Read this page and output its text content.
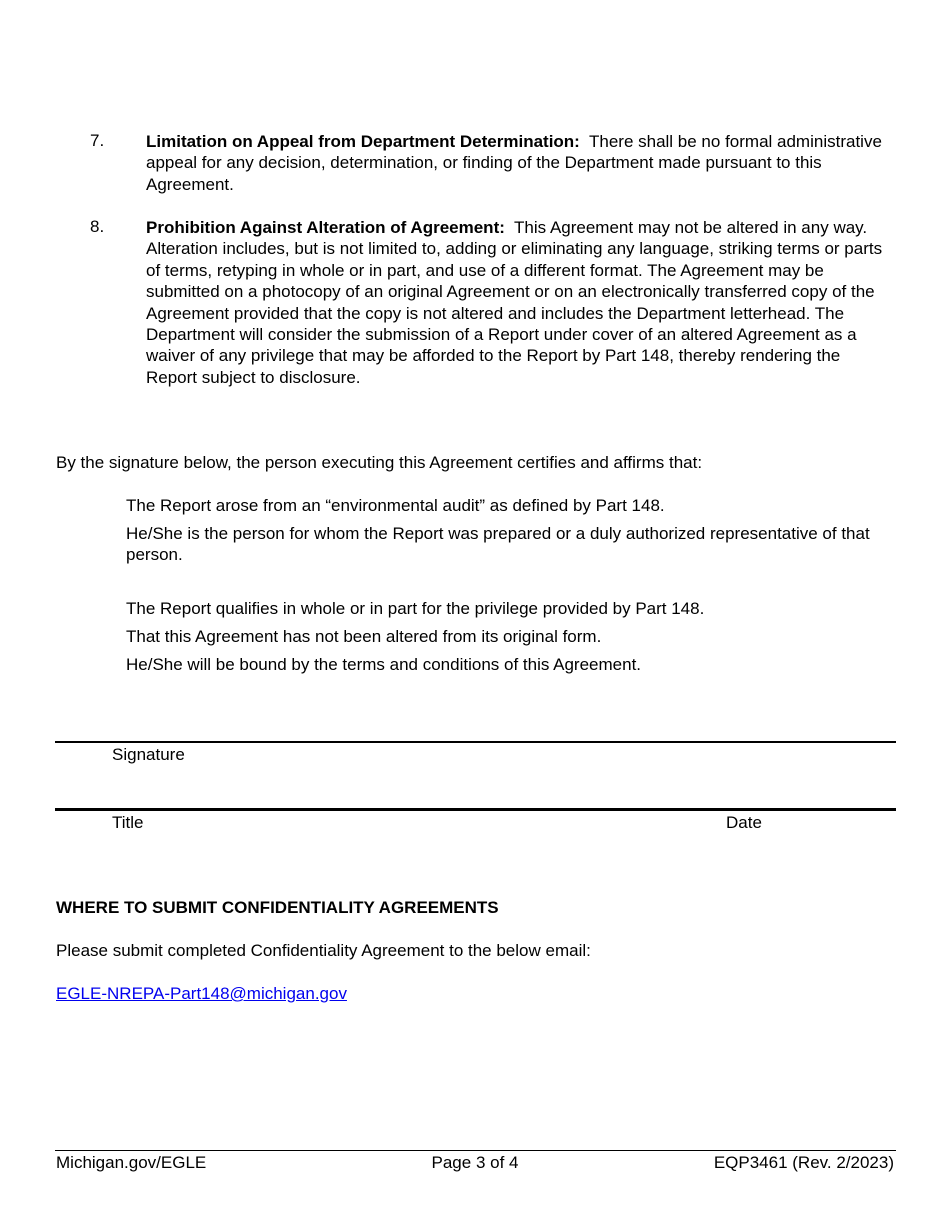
7. Limitation on Appeal from Department Determination: There shall be no formal administrative appeal for any decision, determination, or finding of the Department made pursuant to this Agreement.
8. Prohibition Against Alteration of Agreement: This Agreement may not be altered in any way. Alteration includes, but is not limited to, adding or eliminating any language, striking terms or parts of terms, retyping in whole or in part, and use of a different format. The Agreement may be submitted on a photocopy of an original Agreement or on an electronically transferred copy of the Agreement provided that the copy is not altered and includes the Department letterhead. The Department will consider the submission of a Report under cover of an altered Agreement as a waiver of any privilege that may be afforded to the Report by Part 148, thereby rendering the Report subject to disclosure.
By the signature below, the person executing this Agreement certifies and affirms that:
The Report arose from an “environmental audit” as defined by Part 148.
He/She is the person for whom the Report was prepared or a duly authorized representative of that person.
The Report qualifies in whole or in part for the privilege provided by Part 148.
That this Agreement has not been altered from its original form.
He/She will be bound by the terms and conditions of this Agreement.
Signature
Title	Date
WHERE TO SUBMIT CONFIDENTIALITY AGREEMENTS
Please submit completed Confidentiality Agreement to the below email:
EGLE-NREPA-Part148@michigan.gov
Michigan.gov/EGLE	Page 3 of 4	EQP3461 (Rev. 2/2023)
